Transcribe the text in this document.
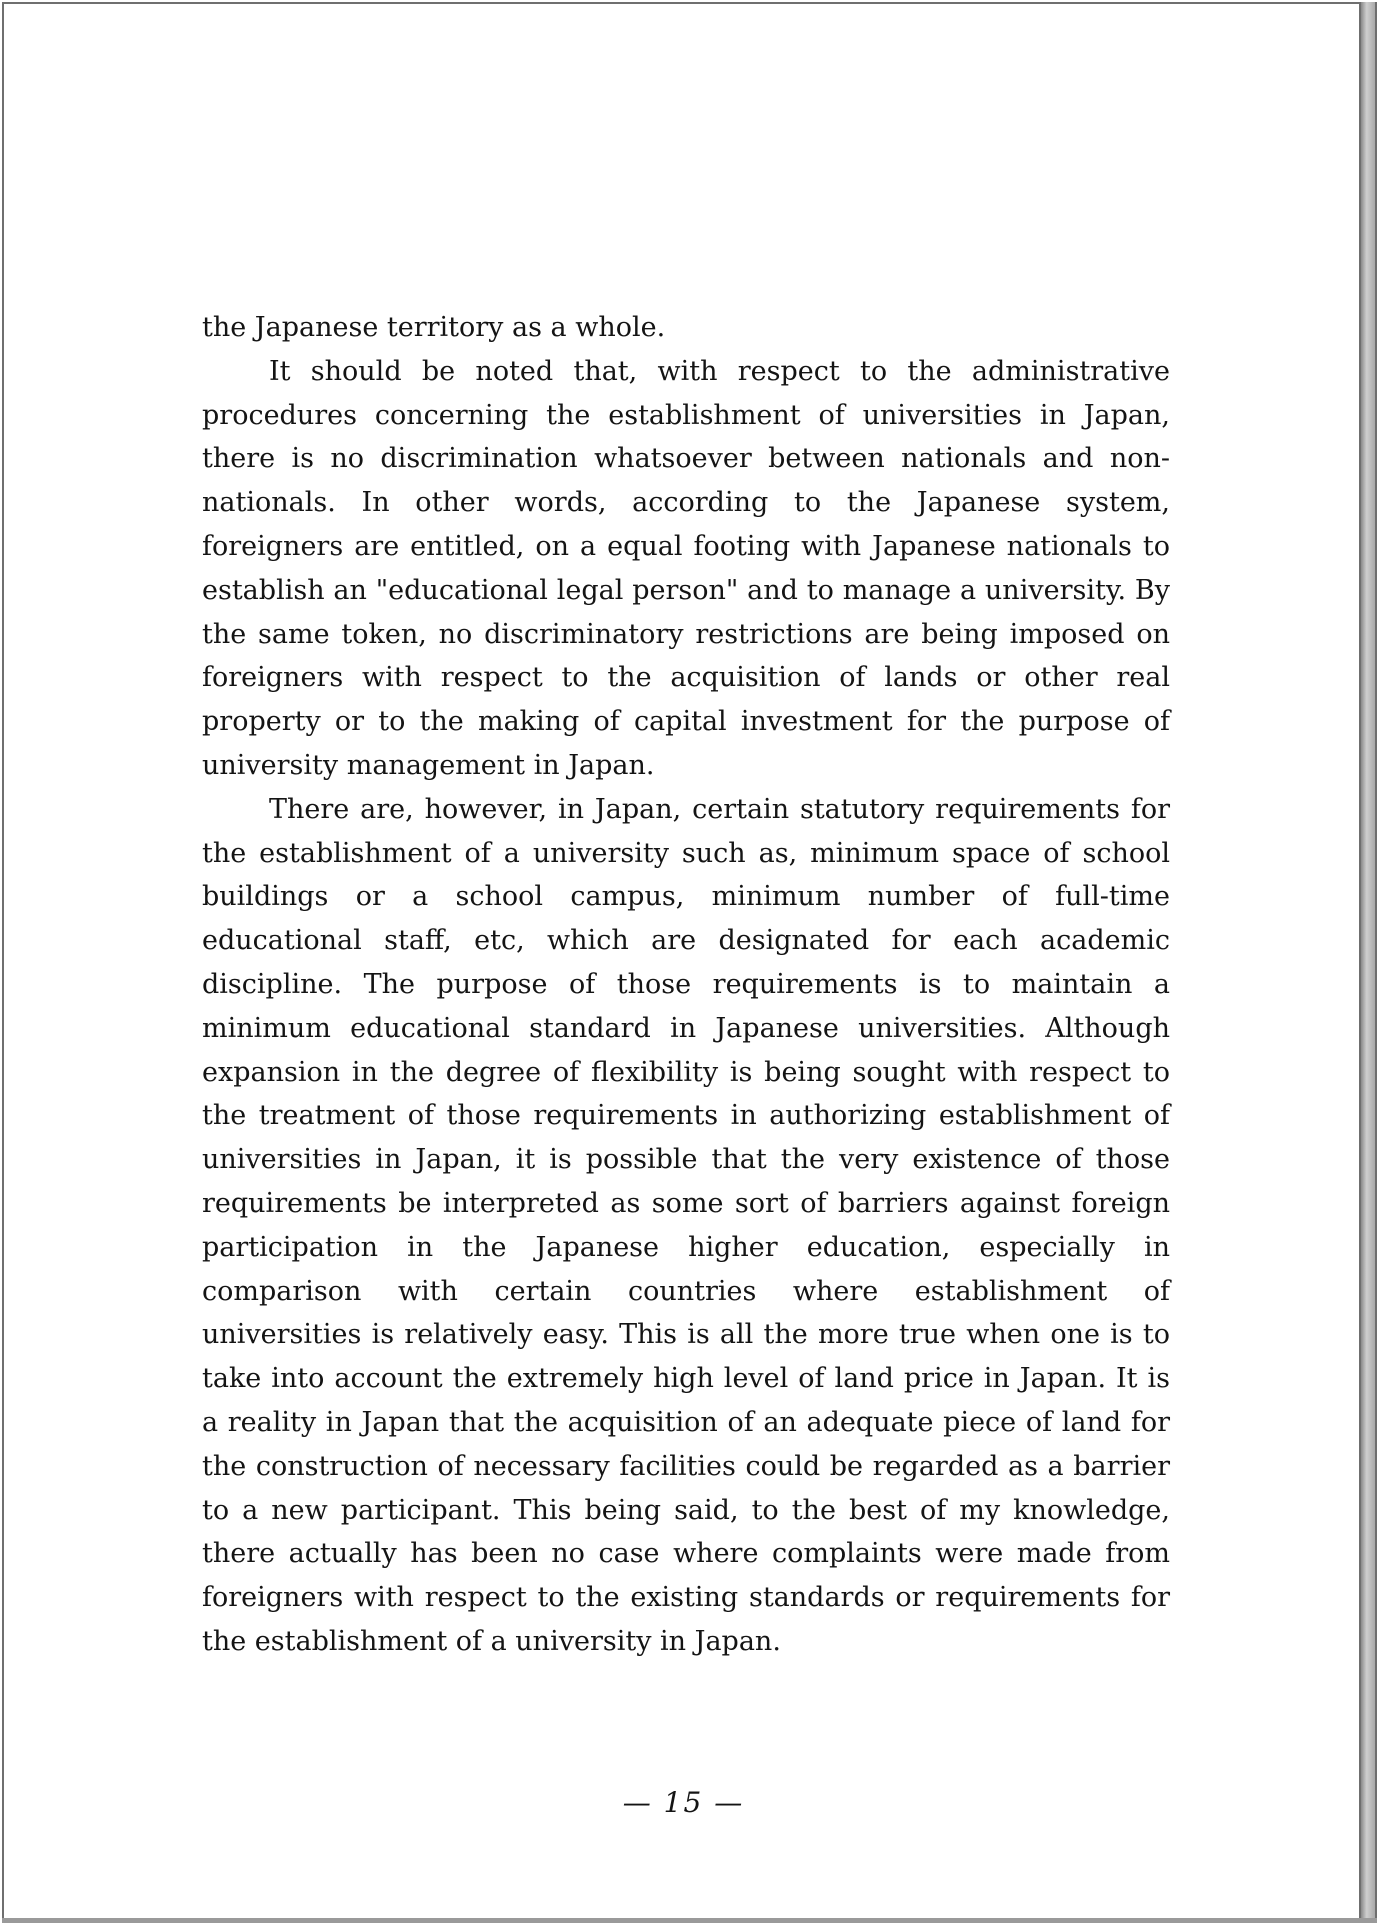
the Japanese territory as a whole.

It should be noted that, with respect to the administrative procedures concerning the establishment of universities in Japan, there is no discrimination whatsoever between nationals and non-nationals. In other words, according to the Japanese system, foreigners are entitled, on a equal footing with Japanese nationals to establish an "educational legal person" and to manage a university. By the same token, no discriminatory restrictions are being imposed on foreigners with respect to the acquisition of lands or other real property or to the making of capital investment for the purpose of university management in Japan.

There are, however, in Japan, certain statutory requirements for the establishment of a university such as, minimum space of school buildings or a school campus, minimum number of full-time educational staff, etc, which are designated for each academic discipline. The purpose of those requirements is to maintain a minimum educational standard in Japanese universities. Although expansion in the degree of flexibility is being sought with respect to the treatment of those requirements in authorizing establishment of universities in Japan, it is possible that the very existence of those requirements be interpreted as some sort of barriers against foreign participation in the Japanese higher education, especially in comparison with certain countries where establishment of universities is relatively easy. This is all the more true when one is to take into account the extremely high level of land price in Japan. It is a reality in Japan that the acquisition of an adequate piece of land for the construction of necessary facilities could be regarded as a barrier to a new participant. This being said, to the best of my knowledge, there actually has been no case where complaints were made from foreigners with respect to the existing standards or requirements for the establishment of a university in Japan.

— 15 —
